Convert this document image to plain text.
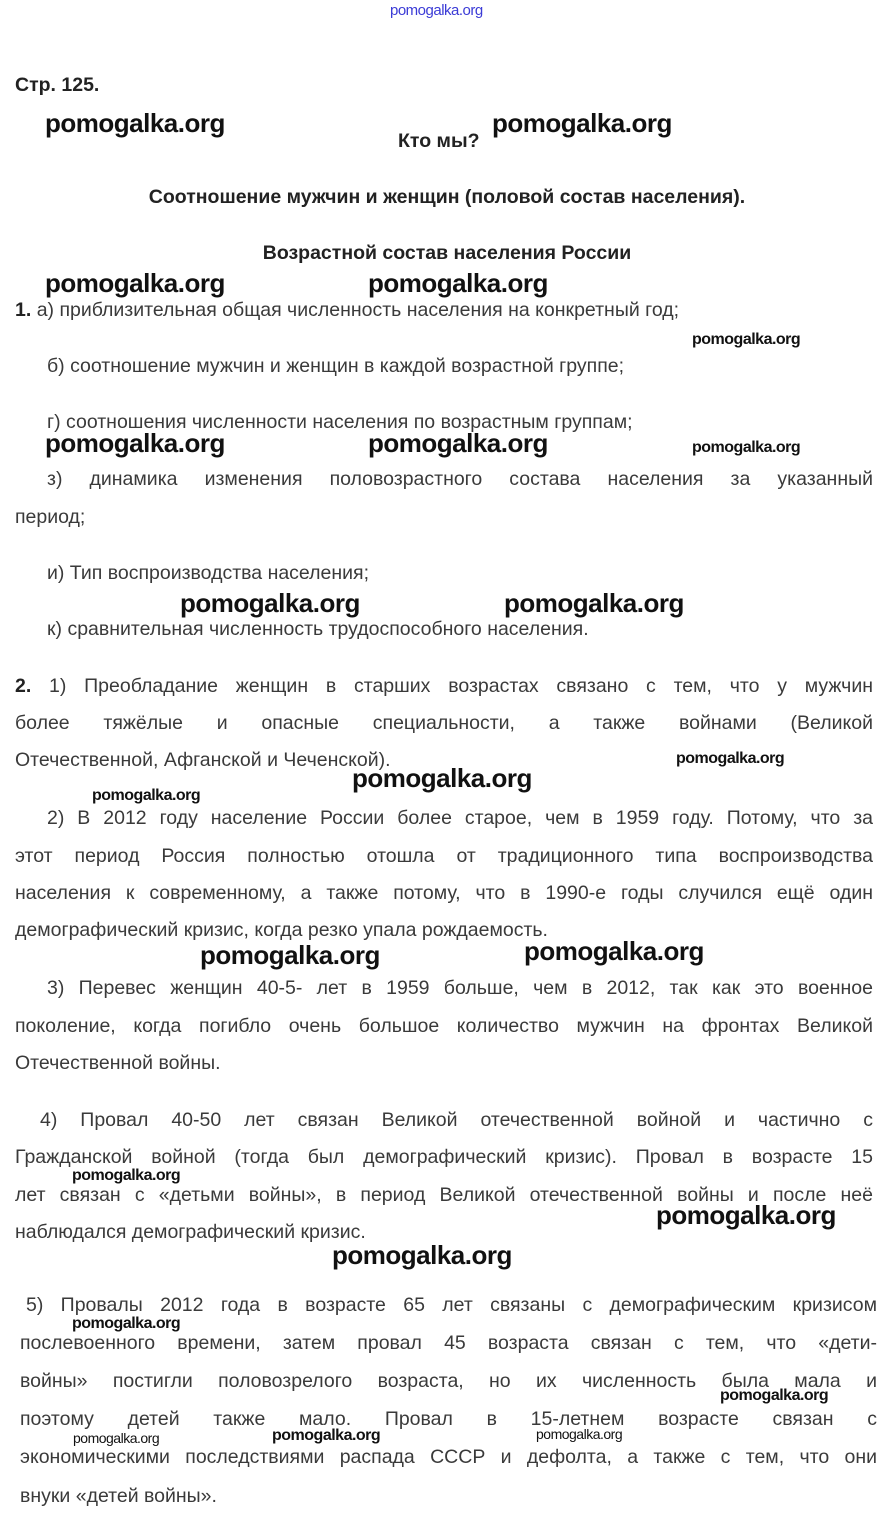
pomogalka.org
Стр. 125.
Кто мы?
Соотношение мужчин и женщин (половой состав населения).
Возрастной состав населения России
1. а) приблизительная общая численность населения на конкретный год;
б) соотношение мужчин и женщин в каждой возрастной группе;
г) соотношения численности населения по возрастным группам;
з) динамика изменения половозрастного состава населения за указанный
период;
и) Тип воспроизводства населения;
к) сравнительная численность трудоспособного населения.
2. 1) Преобладание женщин в старших возрастах связано с тем, что у мужчин
более тяжёлые и опасные специальности, а также войнами (Великой
Отечественной, Афганской и Чеченской).
2) В 2012 году население России более старое, чем в 1959 году. Потому, что за
этот период Россия полностью отошла от традиционного типа воспроизводства
населения к современному, а также потому, что в 1990-е годы случился ещё один
демографический кризис, когда резко упала рождаемость.
3) Перевес женщин 40-5- лет в 1959 больше, чем в 2012, так как это военное
поколение, когда погибло очень большое количество мужчин на фронтах Великой
Отечественной войны.
4) Провал 40-50 лет связан Великой отечественной войной и частично с
Гражданской войной (тогда был демографический кризис). Провал в возрасте 15
лет связан с «детьми войны», в период Великой отечественной войны и после неё
наблюдался демографический кризис.
5) Провалы 2012 года в возрасте 65 лет связаны с демографическим кризисом
послевоенного времени, затем провал 45 возраста связан с тем, что «дети-
войны» постигли половозрелого возраста, но их численность была мала и
поэтому детей также мало. Провал в 15-летнем возрасте связан с
экономическими последствиями распада СССР и дефолта, а также с тем, что они
внуки «детей войны».
pomogalka.org	pomogalka.org
pomogalka.org	pomogalka.org
pomogalka.org
pomogalka.org	pomogalka.org	pomogalka.org
pomogalka.org	pomogalka.org
pomogalka.org
pomogalka.org
pomogalka.org
pomogalka.org	pomogalka.org
pomogalka.org
pomogalka.org
pomogalka.org
pomogalka.org
pomogalka.org
pomogalka.org	pomogalka.org	pomogalka.org
